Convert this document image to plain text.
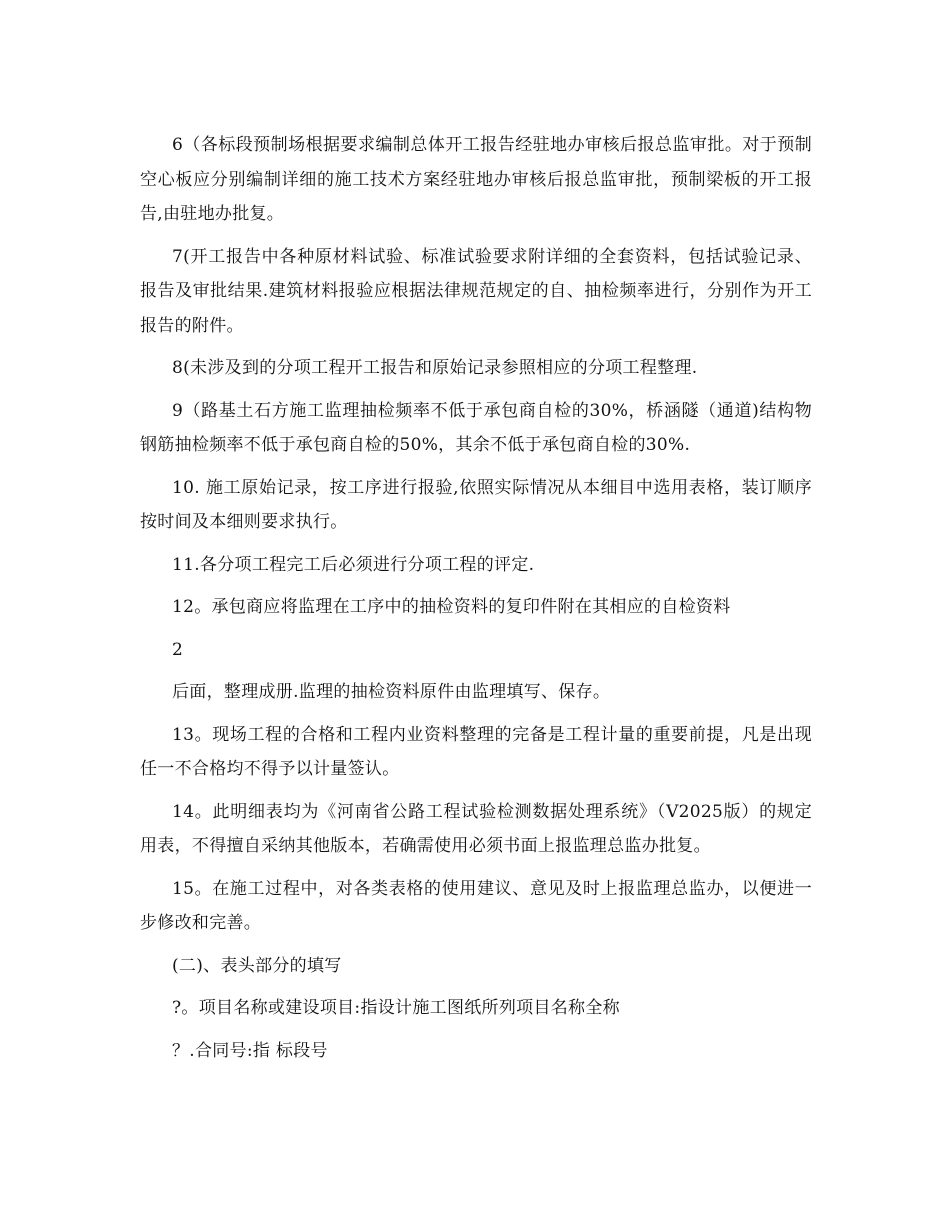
6（各标段预制场根据要求编制总体开工报告经驻地办审核后报总监审批。对于预制空心板应分别编制详细的施工技术方案经驻地办审核后报总监审批，预制梁板的开工报告,由驻地办批复。

7(开工报告中各种原材料试验、标准试验要求附详细的全套资料，包括试验记录、报告及审批结果.建筑材料报验应根据法律规范规定的自、抽检频率进行，分别作为开工报告的附件。

8(未涉及到的分项工程开工报告和原始记录参照相应的分项工程整理.

9（路基土石方施工监理抽检频率不低于承包商自检的30%，桥涵隧（通道)结构物钢筋抽检频率不低于承包商自检的50%，其余不低于承包商自检的30%.

10. 施工原始记录，按工序进行报验,依照实际情况从本细目中选用表格，装订顺序按时间及本细则要求执行。

11.各分项工程完工后必须进行分项工程的评定.

12。承包商应将监理在工序中的抽检资料的复印件附在其相应的自检资料

2

后面，整理成册.监理的抽检资料原件由监理填写、保存。

13。现场工程的合格和工程内业资料整理的完备是工程计量的重要前提，凡是出现任一不合格均不得予以计量签认。

14。此明细表均为《河南省公路工程试验检测数据处理系统》（V2025版）的规定用表，不得擅自采纳其他版本，若确需使用必须书面上报监理总监办批复。

15。在施工过程中，对各类表格的使用建议、意见及时上报监理总监办，以便进一步修改和完善。

(二)、表头部分的填写

?。项目名称或建设项目:指设计施工图纸所列项目名称全称

？.合同号:指 标段号
